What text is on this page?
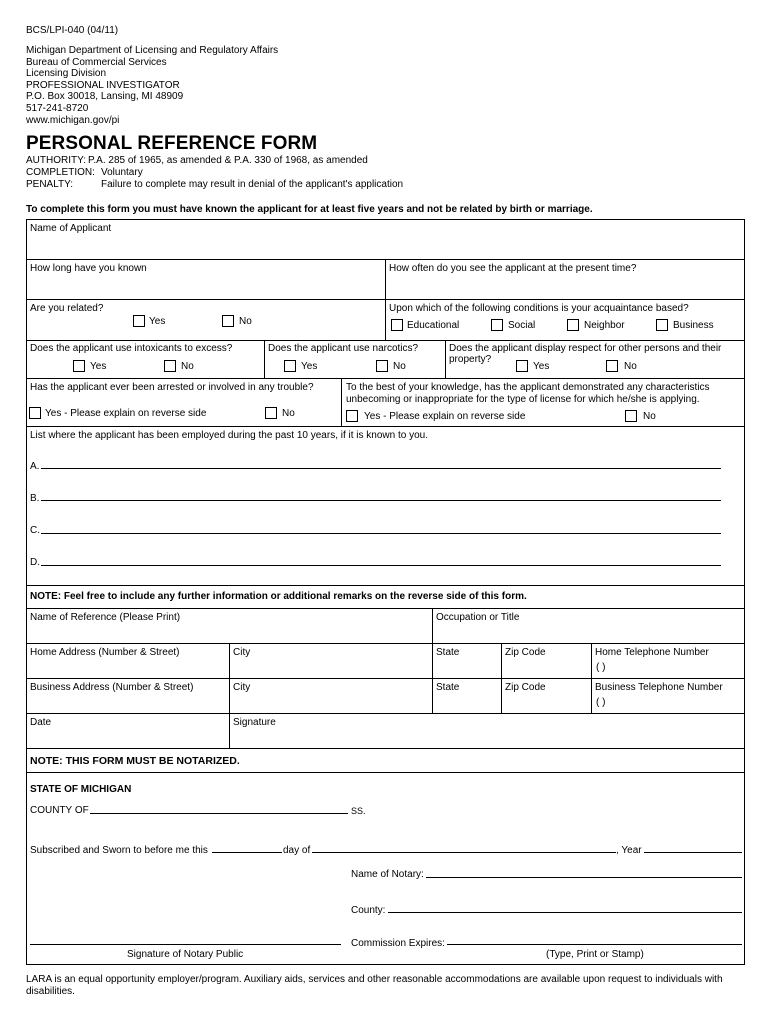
BCS/LPI-040 (04/11)
Michigan Department of Licensing and Regulatory Affairs
Bureau of Commercial Services
Licensing Division
PROFESSIONAL INVESTIGATOR
P.O. Box 30018, Lansing, MI 48909
517-241-8720
www.michigan.gov/pi
PERSONAL REFERENCE FORM
AUTHORITY: P.A. 285 of 1965, as amended & P.A. 330 of 1968, as amended
COMPLETION: Voluntary
PENALTY:	Failure to complete may result in denial of the applicant's application
To complete this form you must have known the applicant for at least five years and not be related by birth or marriage.
Name of Applicant
How long have you known	How often do you see the applicant at the present time?
Are you related?
Yes	No
Upon which of the following conditions is your acquaintance based?
Educational	Social	Neighbor	Business
Does the applicant use intoxicants to excess?
Yes	No
Does the applicant use narcotics?
Yes	No
Does the applicant display respect for other persons and their
property?
Yes	No
Has the applicant ever been arrested or involved in any trouble?
Yes - Please explain on reverse side	No
To the best of your knowledge, has the applicant demonstrated any characteristics
unbecoming or inappropriate for the type of license for which he/she is applying.
Yes - Please explain on reverse side	No
List where the applicant has been employed during the past 10 years, if it is known to you.
A.
B.
C.
D.
NOTE: Feel free to include any further information or additional remarks on the reverse side of this form.
Name of Reference (Please Print)	Occupation or Title
Home Address (Number & Street)	City	State	Zip Code	Home Telephone Number
( )
Business Address (Number & Street)	City	State	Zip Code	Business Telephone Number
( )
Date	Signature
NOTE: THIS FORM MUST BE NOTARIZED.
STATE OF MICHIGAN
COUNTY OF	SS.
Subscribed and Sworn to before me this	day of	, Year
Name of Notary:
County:
Commission Expires:
Signature of Notary Public	(Type, Print or Stamp)
LARA is an equal opportunity employer/program. Auxiliary aids, services and other reasonable accommodations are available upon request to individuals with
disabilities.
